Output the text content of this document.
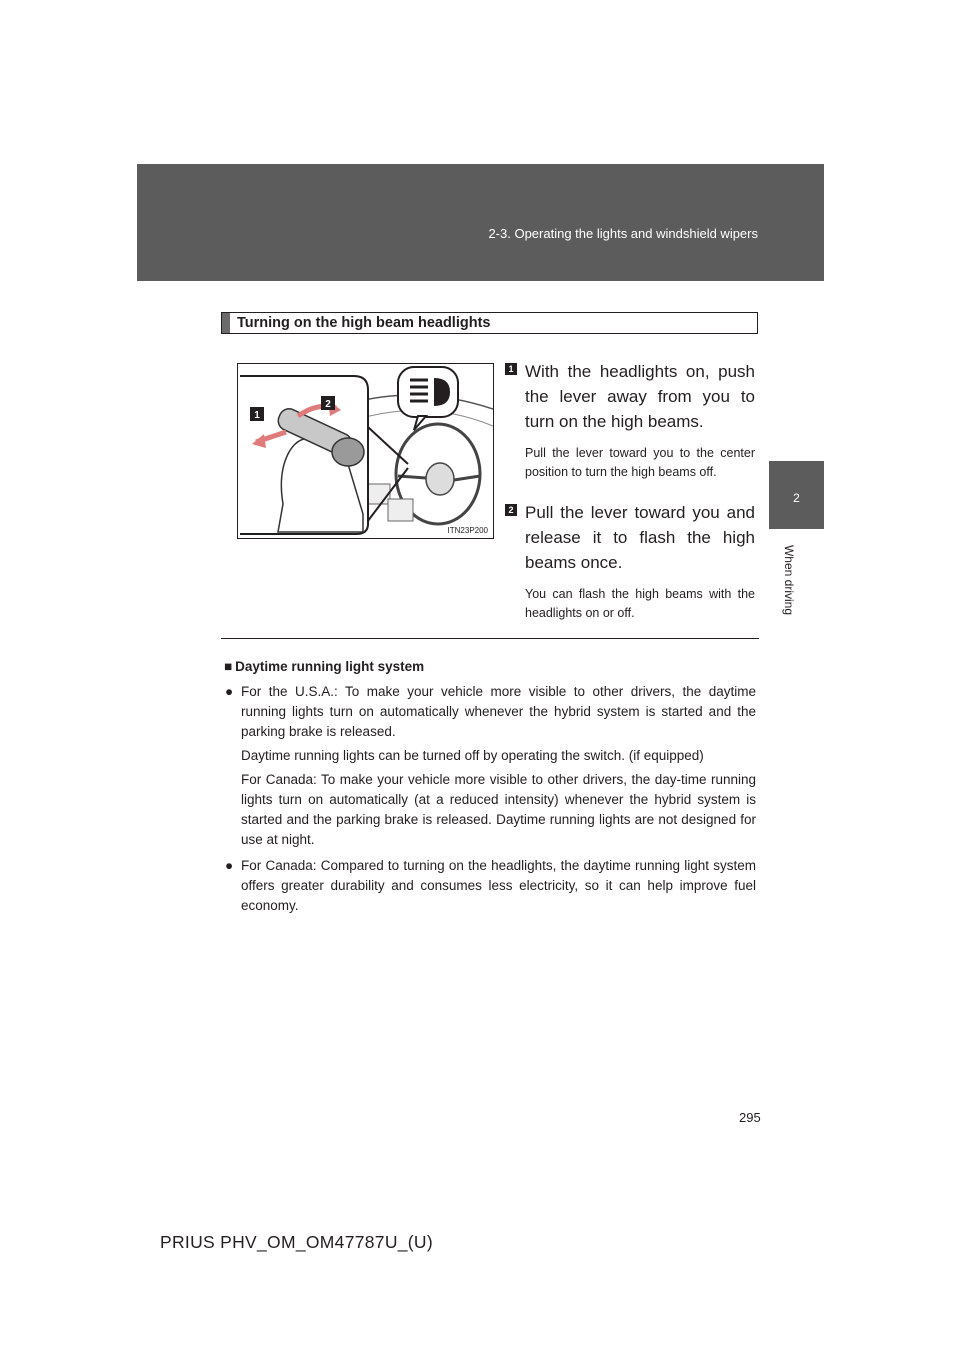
2-3. Operating the lights and windshield wipers
2
When driving
Turning on the high beam headlights
1
2
ITN23P200
1 With the headlights on, push the lever away from you to turn on the high beams.
Pull the lever toward you to the center position to turn the high beams off.
2 Pull the lever toward you and release it to flash the high beams once.
You can flash the high beams with the headlights on or off.
■ Daytime running light system
● For the U.S.A.: To make your vehicle more visible to other drivers, the daytime running lights turn on automatically whenever the hybrid system is started and the parking brake is released.
Daytime running lights can be turned off by operating the switch. (if equipped)
For Canada: To make your vehicle more visible to other drivers, the day-time running lights turn on automatically (at a reduced intensity) whenever the hybrid system is started and the parking brake is released. Daytime running lights are not designed for use at night.
● For Canada: Compared to turning on the headlights, the daytime running light system offers greater durability and consumes less electricity, so it can help improve fuel economy.
295
PRIUS PHV_OM_OM47787U_(U)
